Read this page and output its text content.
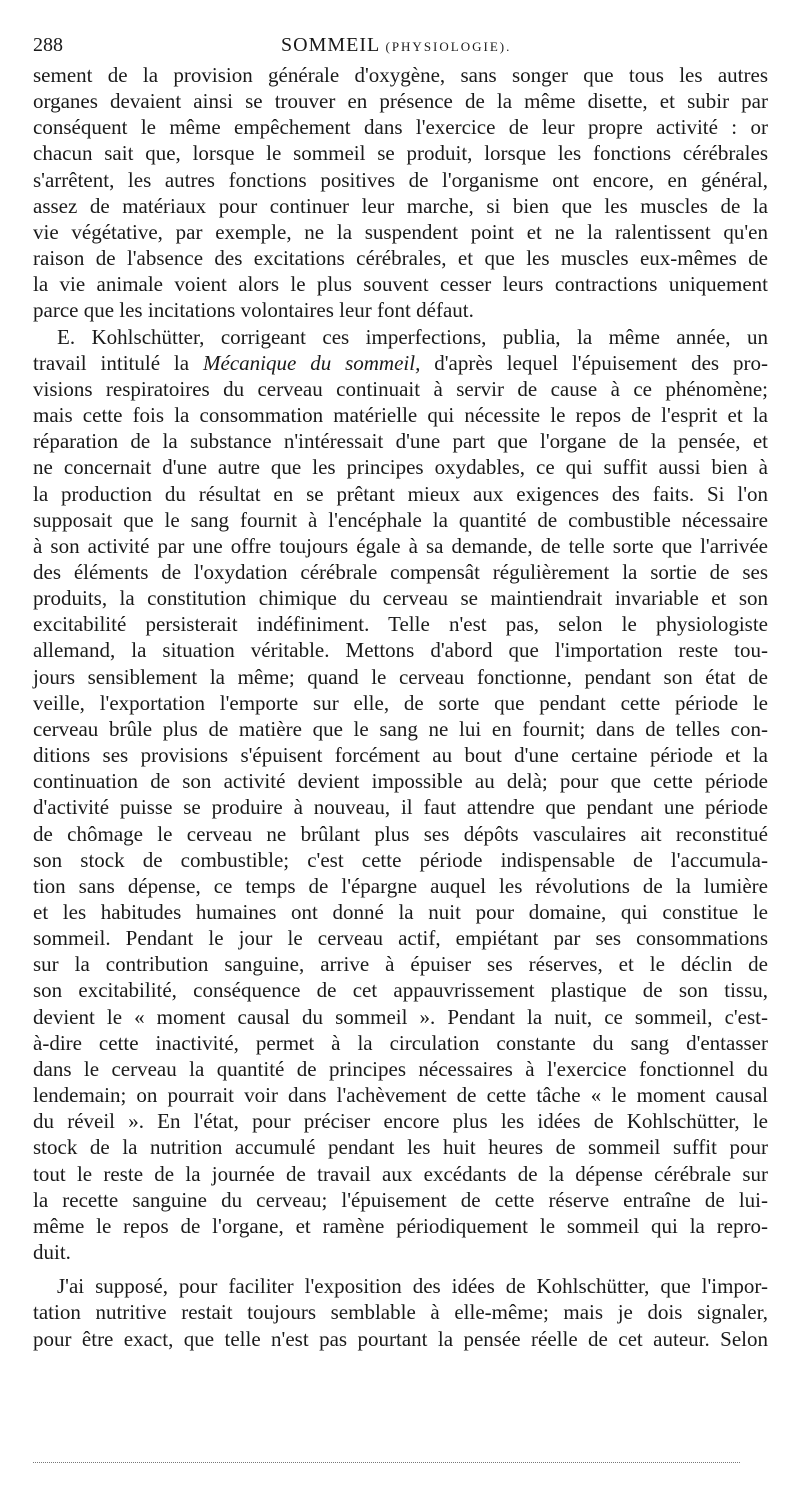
288	SOMMEIL (PHYSIOLOGIE).

sement de la provision générale d'oxygène, sans songer que tous les autres
organes devaient ainsi se trouver en présence de la même disette, et subir par
conséquent le même empêchement dans l'exercice de leur propre activité : or
chacun sait que, lorsque le sommeil se produit, lorsque les fonctions cérébrales
s'arrêtent, les autres fonctions positives de l'organisme ont encore, en général,
assez de matériaux pour continuer leur marche, si bien que les muscles de la
vie végétative, par exemple, ne la suspendent point et ne la ralentissent qu'en
raison de l'absence des excitations cérébrales, et que les muscles eux-mêmes de
la vie animale voient alors le plus souvent cesser leurs contractions uniquement
parce que les incitations volontaires leur font défaut.

E. Kohlschütter, corrigeant ces imperfections, publia, la même année, un
travail intitulé la Mécanique du sommeil, d'après lequel l'épuisement des pro-
visions respiratoires du cerveau continuait à servir de cause à ce phénomène;
mais cette fois la consommation matérielle qui nécessite le repos de l'esprit et la
réparation de la substance n'intéressait d'une part que l'organe de la pensée, et
ne concernait d'une autre que les principes oxydables, ce qui suffit aussi bien à
la production du résultat en se prêtant mieux aux exigences des faits. Si l'on
supposait que le sang fournit à l'encéphale la quantité de combustible nécessaire
à son activité par une offre toujours égale à sa demande, de telle sorte que l'arrivée
des éléments de l'oxydation cérébrale compensât régulièrement la sortie de ses
produits, la constitution chimique du cerveau se maintiendrait invariable et son
excitabilité persisterait indéfiniment. Telle n'est pas, selon le physiologiste
allemand, la situation véritable. Mettons d'abord que l'importation reste tou-
jours sensiblement la même; quand le cerveau fonctionne, pendant son état de
veille, l'exportation l'emporte sur elle, de sorte que pendant cette période le
cerveau brûle plus de matière que le sang ne lui en fournit; dans de telles con-
ditions ses provisions s'épuisent forcément au bout d'une certaine période et la
continuation de son activité devient impossible au delà; pour que cette période
d'activité puisse se produire à nouveau, il faut attendre que pendant une période
de chômage le cerveau ne brûlant plus ses dépôts vasculaires ait reconstitué
son stock de combustible; c'est cette période indispensable de l'accumula-
tion sans dépense, ce temps de l'épargne auquel les révolutions de la lumière
et les habitudes humaines ont donné la nuit pour domaine, qui constitue le
sommeil. Pendant le jour le cerveau actif, empiétant par ses consommations
sur la contribution sanguine, arrive à épuiser ses réserves, et le déclin de
son excitabilité, conséquence de cet appauvrissement plastique de son tissu,
devient le « moment causal du sommeil ». Pendant la nuit, ce sommeil, c'est-
à-dire cette inactivité, permet à la circulation constante du sang d'entasser
dans le cerveau la quantité de principes nécessaires à l'exercice fonctionnel du
lendemain; on pourrait voir dans l'achèvement de cette tâche « le moment causal
du réveil ». En l'état, pour préciser encore plus les idées de Kohlschütter, le
stock de la nutrition accumulé pendant les huit heures de sommeil suffit pour
tout le reste de la journée de travail aux excédants de la dépense cérébrale sur
la recette sanguine du cerveau; l'épuisement de cette réserve entraîne de lui-
même le repos de l'organe, et ramène périodiquement le sommeil qui la repro-
duit.

J'ai supposé, pour faciliter l'exposition des idées de Kohlschütter, que l'impor-
tation nutritive restait toujours semblable à elle-même; mais je dois signaler,
pour être exact, que telle n'est pas pourtant la pensée réelle de cet auteur. Selon
